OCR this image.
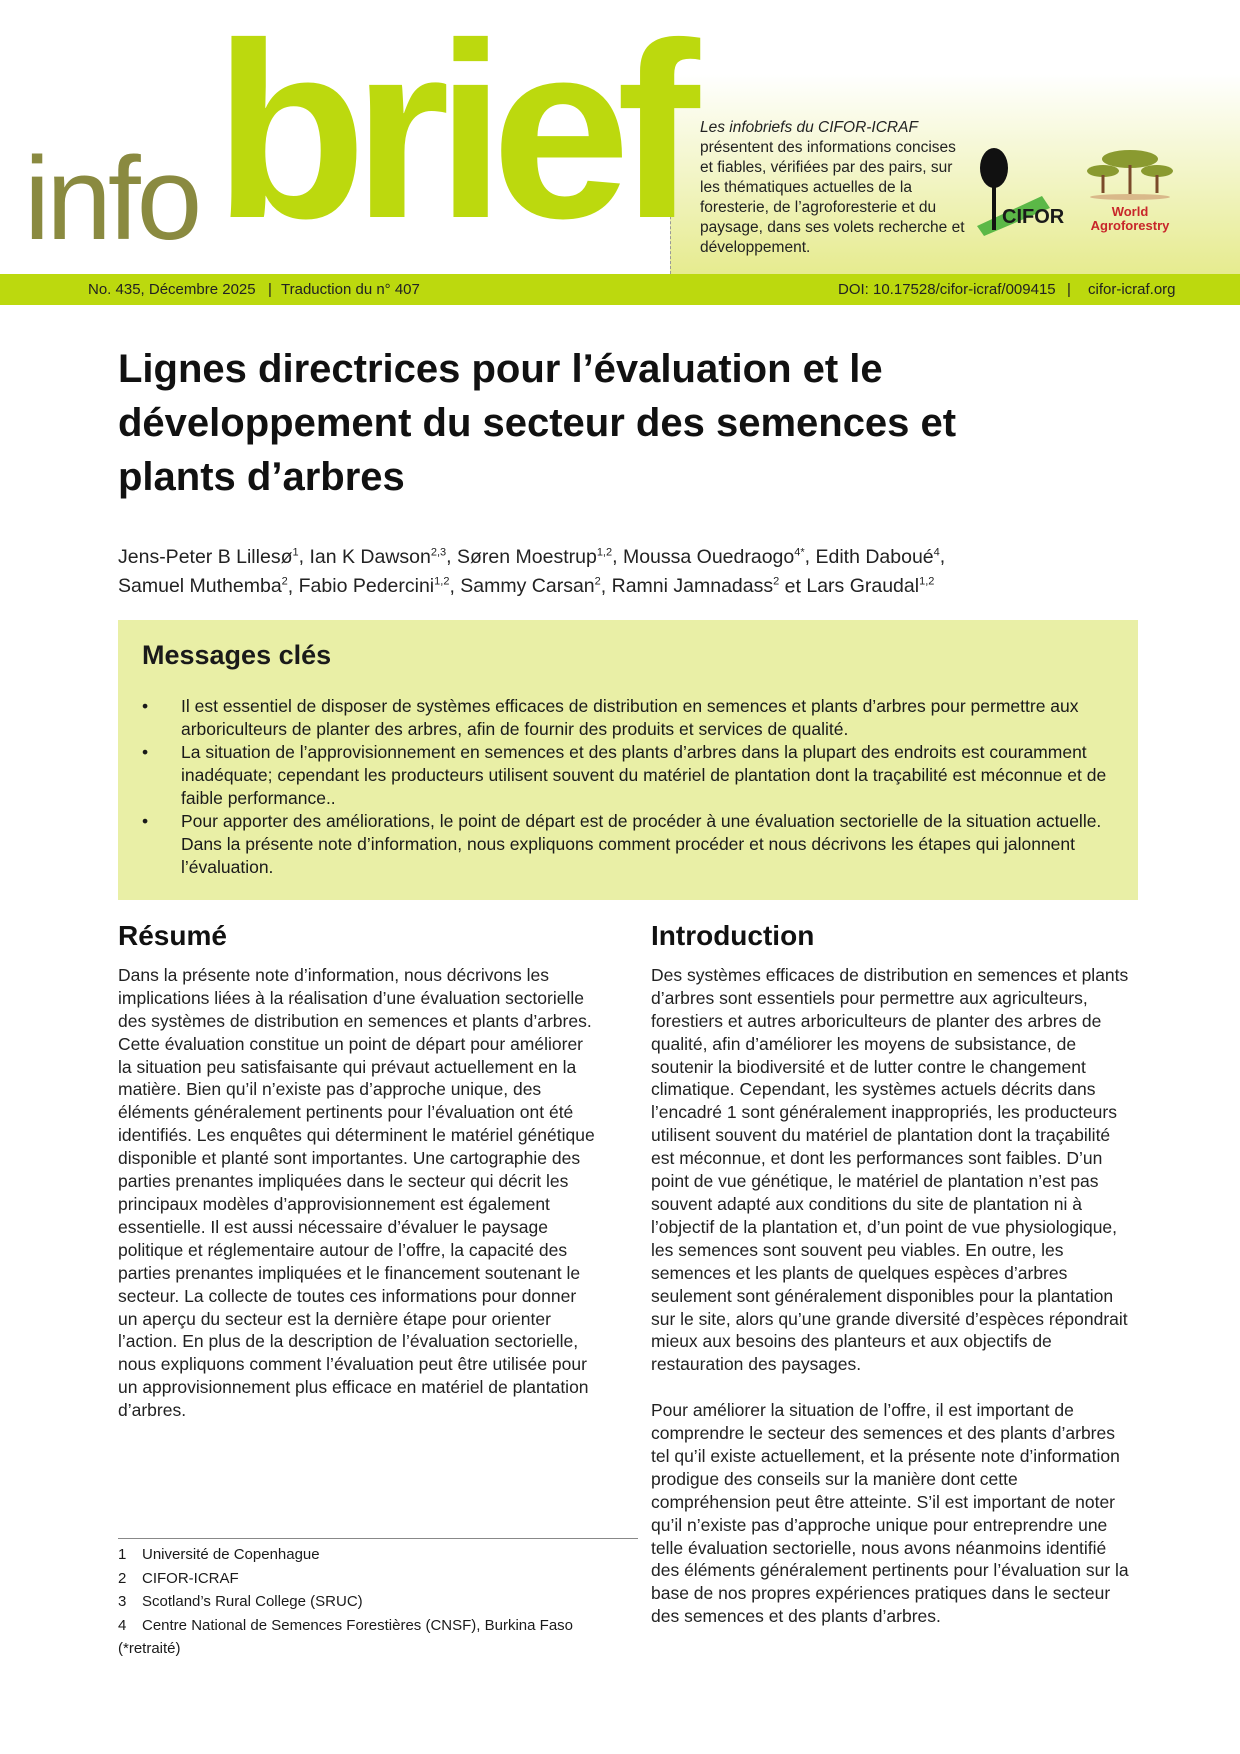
info brief Les infobriefs du CIFOR-ICRAF
présentent des informations concises et fiables, vérifiées par des pairs, sur les thématiques actuelles de la foresterie, de l’agroforesterie et du paysage, dans ses volets recherche et développement.
CIFOR	World
Agroforestry
No. 435, Décembre 2025 | Traduction du n° 407	DOI: 10.17528/cifor-icraf/009415 | cifor-icraf.org
Lignes directrices pour l’évaluation et le développement du secteur des semences et plants d’arbres
Jens-Peter B Lillesø$^1$, Ian K Dawson$^{2,3}$, Søren Moestrup$^{1,2}$, Moussa Ouedraogo$^{4*}$, Edith Daboué$^4$,
Samuel Muthemba$^2$, Fabio Pedercini$^{1,2}$, Sammy Carsan$^2$, Ramni Jamnadass$^2$ et Lars Graudal$^{1,2}$
Messages clés
• Il est essentiel de disposer de systèmes efficaces de distribution en semences et plants d’arbres pour permettre aux arboriculteurs de planter des arbres, afin de fournir des produits et services de qualité.
• La situation de l’approvisionnement en semences et des plants d’arbres dans la plupart des endroits est couramment inadéquate; cependant les producteurs utilisent souvent du matériel de plantation dont la traçabilité est méconnue et de faible performance..
• Pour apporter des améliorations, le point de départ est de procéder à une évaluation sectorielle de la situation actuelle. Dans la présente note d’information, nous expliquons comment procéder et nous décrivons les étapes qui jalonnent l’évaluation.
Résumé

Dans la présente note d’information, nous décrivons les implications liées à la réalisation d’une évaluation sectorielle des systèmes de distribution en semences et plants d’arbres. Cette évaluation constitue un point de départ pour améliorer la situation peu satisfaisante qui prévaut actuellement en la matière. Bien qu’il n’existe pas d’approche unique, des éléments généralement pertinents pour l’évaluation ont été identifiés. Les enquêtes qui déterminent le matériel génétique disponible et planté sont importantes. Une cartographie des parties prenantes impliquées dans le secteur qui décrit les principaux modèles d’approvisionnement est également essentielle. Il est aussi nécessaire d’évaluer le paysage politique et réglementaire autour de l’offre, la capacité des parties prenantes impliquées et le financement soutenant le secteur. La collecte de toutes ces informations pour donner un aperçu du secteur est la dernière étape pour orienter l’action. En plus de la description de l’évaluation sectorielle, nous expliquons comment l’évaluation peut être utilisée pour un approvisionnement plus efficace en matériel de plantation d’arbres.

Introduction

Des systèmes efficaces de distribution en semences et plants d’arbres sont essentiels pour permettre aux agriculteurs, forestiers et autres arboriculteurs de planter des arbres de qualité, afin d’améliorer les moyens de subsistance, de soutenir la biodiversité et de lutter contre le changement climatique. Cependant, les systèmes actuels décrits dans l’encadré 1 sont généralement inappropriés, les producteurs utilisent souvent du matériel de plantation dont la traçabilité est méconnue, et dont les performances sont faibles. D’un point de vue génétique, le matériel de plantation n’est pas souvent adapté aux conditions du site de plantation ni à l’objectif de la plantation et, d’un point de vue physiologique, les semences sont souvent peu viables. En outre, les semences et les plants de quelques espèces d’arbres seulement sont généralement disponibles pour la plantation sur le site, alors qu’une grande diversité d’espèces répondrait mieux aux besoins des planteurs et aux objectifs de restauration des paysages.

Pour améliorer la situation de l’offre, il est important de comprendre le secteur des semences et des plants d’arbres tel qu’il existe actuellement, et la présente note d’information prodigue des conseils sur la manière dont cette compréhension peut être atteinte. S’il est important de noter qu’il n’existe pas d’approche unique pour entreprendre une telle évaluation sectorielle, nous avons néanmoins identifié des éléments généralement pertinents pour l’évaluation sur la base de nos propres expériences pratiques dans le secteur des semences et des plants d’arbres.

1 Université de Copenhague
2 CIFOR-ICRAF
3 Scotland’s Rural College (SRUC)
4 Centre National de Semences Forestières (CNSF), Burkina Faso (*retraité)
